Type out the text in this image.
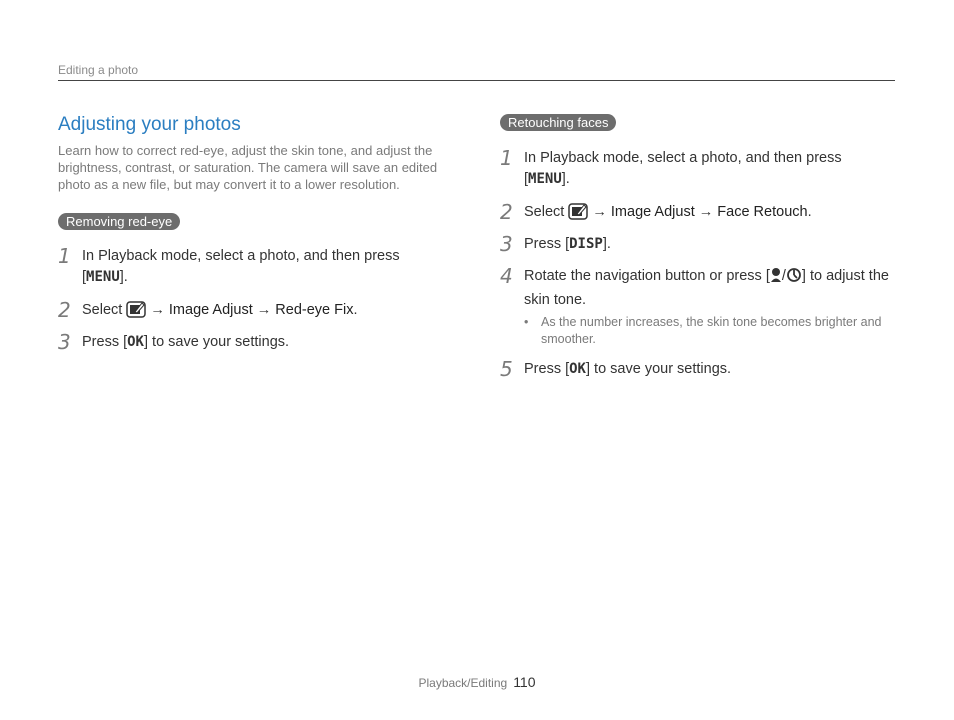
Editing a photo
Adjusting your photos

Learn how to correct red-eye, adjust the skin tone, and adjust the brightness, contrast, or saturation. The camera will save an edited photo as a new file, but may convert it to a lower resolution.

Removing red-eye
1 In Playback mode, select a photo, and then press
[MENU].
2 Select → Image Adjust → Red-eye Fix.
3 Press [OK] to save your settings.
Retouching faces
1 In Playback mode, select a photo, and then press
[MENU].
2 Select → Image Adjust → Face Retouch.
3 Press [DISP].
4 Rotate the navigation button or press [ / ] to adjust the skin tone.
• As the number increases, the skin tone becomes brighter and smoother.
5 Press [OK] to save your settings.
Playback/Editing 110
